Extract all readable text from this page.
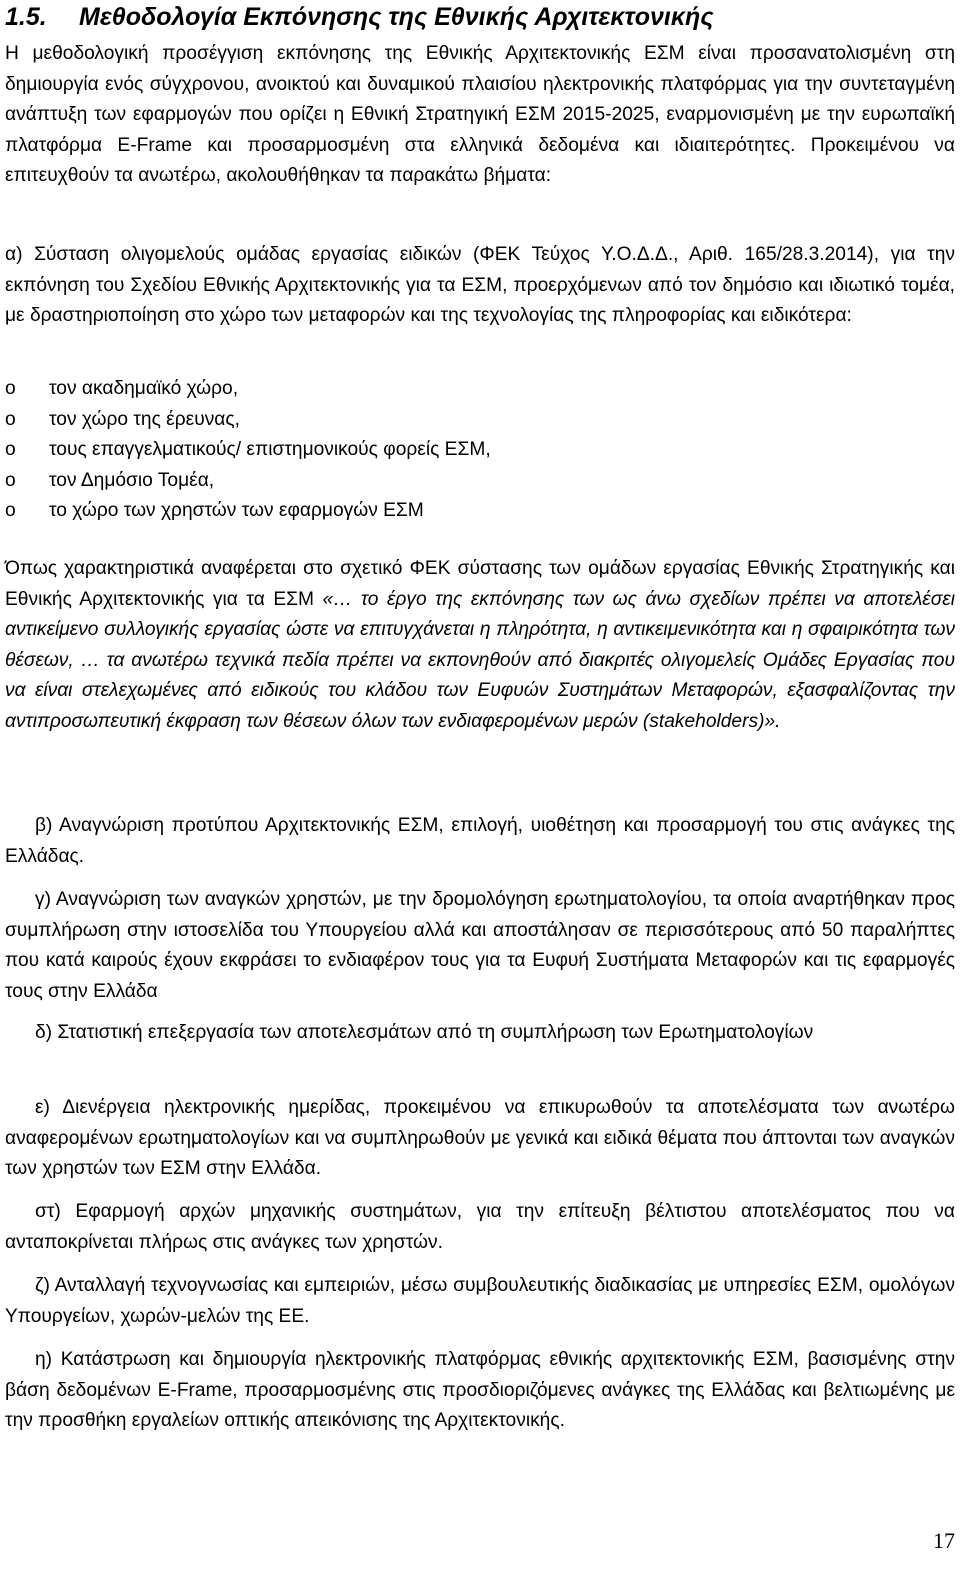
1.5. Μεθοδολογία Εκπόνησης της Εθνικής Αρχιτεκτονικής
Η μεθοδολογική προσέγγιση εκπόνησης της Εθνικής Αρχιτεκτονικής ΕΣΜ είναι προσανατολισμένη στη δημιουργία ενός σύγχρονου, ανοικτού και δυναμικού πλαισίου ηλεκτρονικής πλατφόρμας για την συντεταγμένη ανάπτυξη των εφαρμογών που ορίζει η Εθνική Στρατηγική ΕΣΜ 2015-2025, εναρμονισμένη με την ευρωπαϊκή πλατφόρμα E-Frame και προσαρμοσμένη στα ελληνικά δεδομένα και ιδιαιτερότητες. Προκειμένου να επιτευχθούν τα ανωτέρω, ακολουθήθηκαν τα παρακάτω βήματα:
α) Σύσταση ολιγομελούς ομάδας εργασίας ειδικών (ΦΕΚ Τεύχος Υ.Ο.Δ.Δ., Αριθ. 165/28.3.2014), για την εκπόνηση του Σχεδίου Εθνικής Αρχιτεκτονικής για τα ΕΣΜ, προερχόμενων από τον δημόσιο και ιδιωτικό τομέα, με δραστηριοποίηση στο χώρο των μεταφορών και της τεχνολογίας της πληροφορίας και ειδικότερα:
o τον ακαδημαϊκό χώρο,
o τον χώρο της έρευνας,
o τους επαγγελματικούς/ επιστημονικούς φορείς ΕΣΜ,
o τον Δημόσιο Τομέα,
o το χώρο των χρηστών των εφαρμογών ΕΣΜ
Όπως χαρακτηριστικά αναφέρεται στο σχετικό ΦΕΚ σύστασης των ομάδων εργασίας Εθνικής Στρατηγικής και Εθνικής Αρχιτεκτονικής για τα ΕΣΜ «… το έργο της εκπόνησης των ως άνω σχεδίων πρέπει να αποτελέσει αντικείμενο συλλογικής εργασίας ώστε να επιτυγχάνεται η πληρότητα, η αντικειμενικότητα και η σφαιρικότητα των θέσεων, … τα ανωτέρω τεχνικά πεδία πρέπει να εκπονηθούν από διακριτές ολιγομελείς Ομάδες Εργασίας που να είναι στελεχωμένες από ειδικούς του κλάδου των Ευφυών Συστημάτων Μεταφορών, εξασφαλίζοντας την αντιπροσωπευτική έκφραση των θέσεων όλων των ενδιαφερομένων μερών (stakeholders)».
β) Αναγνώριση προτύπου Αρχιτεκτονικής ΕΣΜ, επιλογή, υιοθέτηση και προσαρμογή του στις ανάγκες της Ελλάδας.
γ) Αναγνώριση των αναγκών χρηστών, με την δρομολόγηση ερωτηματολογίου, τα οποία αναρτήθηκαν προς συμπλήρωση στην ιστοσελίδα του Υπουργείου αλλά και αποστάλησαν σε περισσότερους από 50 παραλήπτες που κατά καιρούς έχουν εκφράσει το ενδιαφέρον τους για τα Ευφυή Συστήματα Μεταφορών και τις εφαρμογές τους στην Ελλάδα
δ) Στατιστική επεξεργασία των αποτελεσμάτων από τη συμπλήρωση των Ερωτηματολογίων
ε) Διενέργεια ηλεκτρονικής ημερίδας, προκειμένου να επικυρωθούν τα αποτελέσματα των ανωτέρω αναφερομένων ερωτηματολογίων και να συμπληρωθούν με γενικά και ειδικά θέματα που άπτονται των αναγκών των χρηστών των ΕΣΜ στην Ελλάδα.
στ) Εφαρμογή αρχών μηχανικής συστημάτων, για την επίτευξη βέλτιστου αποτελέσματος που να ανταποκρίνεται πλήρως στις ανάγκες των χρηστών.
ζ) Ανταλλαγή τεχνογνωσίας και εμπειριών, μέσω συμβουλευτικής διαδικασίας με υπηρεσίες ΕΣΜ, ομολόγων Υπουργείων, χωρών-μελών της ΕΕ.
η) Κατάστρωση και δημιουργία ηλεκτρονικής πλατφόρμας εθνικής αρχιτεκτονικής ΕΣΜ, βασισμένης στην βάση δεδομένων E-Frame, προσαρμοσμένης στις προσδιοριζόμενες ανάγκες της Ελλάδας και βελτιωμένης με την προσθήκη εργαλείων οπτικής απεικόνισης της Αρχιτεκτονικής.
17
